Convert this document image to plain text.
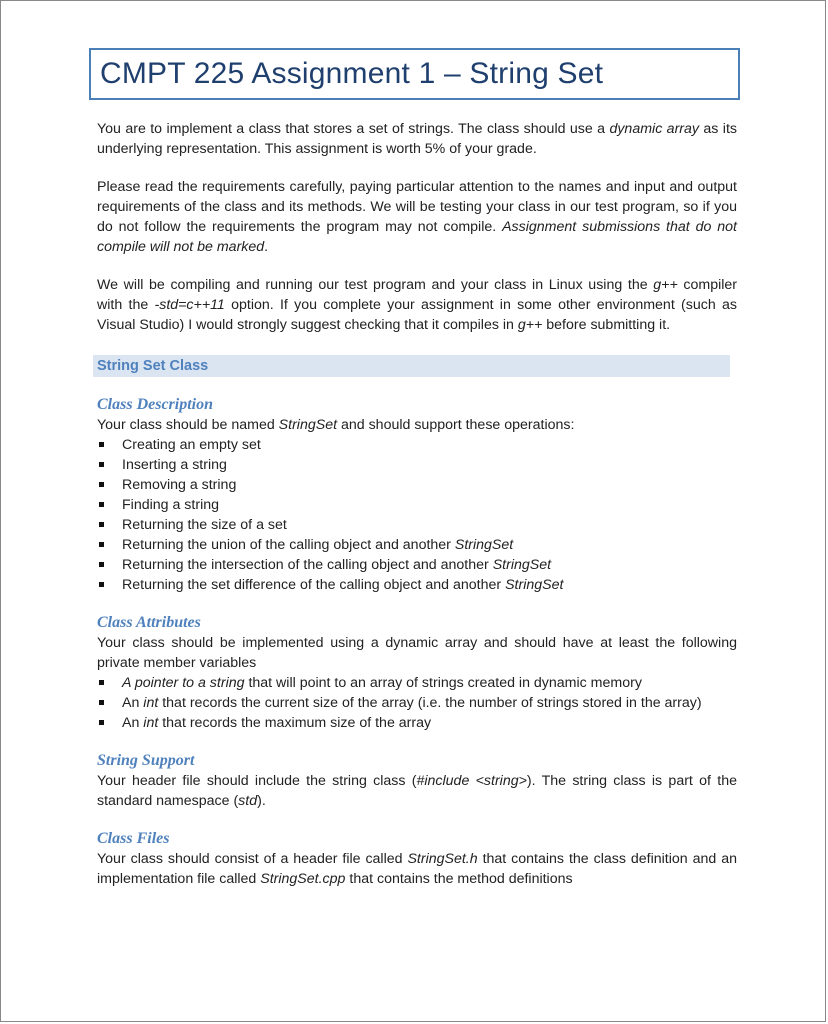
CMPT 225 Assignment 1 – String Set

You are to implement a class that stores a set of strings. The class should use a dynamic array as its underlying representation. This assignment is worth 5% of your grade.

Please read the requirements carefully, paying particular attention to the names and input and output requirements of the class and its methods. We will be testing your class in our test program, so if you do not follow the requirements the program may not compile. Assignment submissions that do not compile will not be marked.

We will be compiling and running our test program and your class in Linux using the g++ compiler with the -std=c++11 option. If you complete your assignment in some other environment (such as Visual Studio) I would strongly suggest checking that it compiles in g++ before submitting it.

String Set Class
Class Description

Your class should be named StringSet and should support these operations:

Creating an empty set
Inserting a string
Removing a string
Finding a string
Returning the size of a set
Returning the union of the calling object and another StringSet
Returning the intersection of the calling object and another StringSet
Returning the set difference of the calling object and another StringSet
Class Attributes

Your class should be implemented using a dynamic array and should have at least the following private member variables

A pointer to a string that will point to an array of strings created in dynamic memory
An int that records the current size of the array (i.e. the number of strings stored in the array)
An int that records the maximum size of the array
String Support

Your header file should include the string class (#include <string>). The string class is part of the standard namespace (std).

Class Files

Your class should consist of a header file called StringSet.h that contains the class definition and an implementation file called StringSet.cpp that contains the method definitions
